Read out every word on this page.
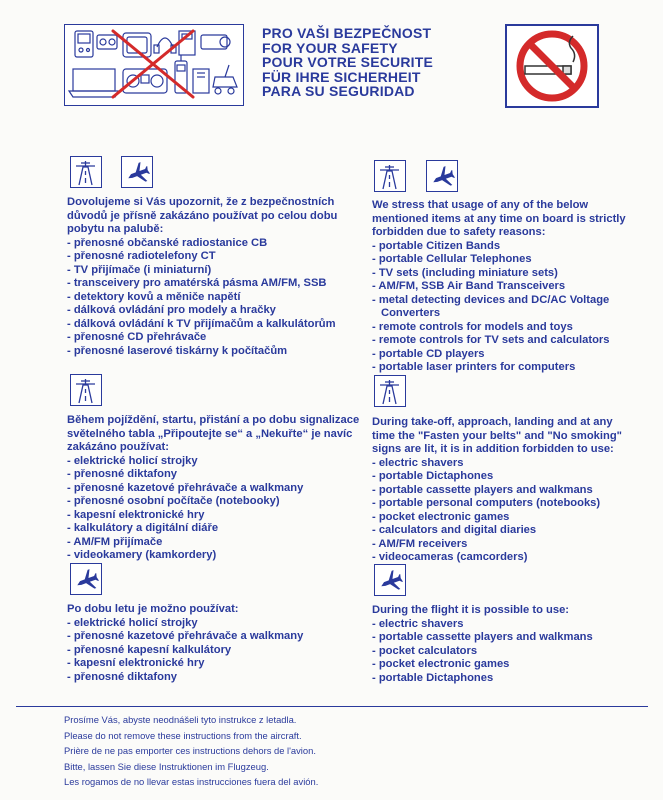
PRO VAŠI BEZPEČNOST
FOR YOUR SAFETY
POUR VOTRE SECURITE
FÜR IHRE SICHERHEIT
PARA SU SEGURIDAD
Dovolujeme si Vás upozornit, že z bezpečnostních
důvodů je přísně zakázáno používat po celou dobu
pobytu na palubě:
- přenosné občanské radiostanice CB
- přenosné radiotelefony CT
- TV přijímače (i miniaturní)
- transceivery pro amatérská pásma AM/FM, SSB
- detektory kovů a měniče napětí
- dálková ovládání pro modely a hračky
- dálková ovládání k TV přijímačům a kalkulátorům
- přenosné CD přehrávače
- přenosné laserové tiskárny k počítačům
We stress that usage of any of the below
mentioned items at any time on board is strictly
forbidden due to safety reasons:
- portable Citizen Bands
- portable Cellular Telephones
- TV sets (including miniature sets)
- AM/FM, SSB Air Band Transceivers
- metal detecting devices and DC/AC Voltage
Converters
- remote controls for models and toys
- remote controls for TV sets and calculators
- portable CD players
- portable laser printers for computers
Během pojíždění, startu, přistání a po dobu signalizace
světelného tabla „Připoutejte se“ a „Nekuřte“ je navíc
zakázáno používat:
- elektrické holicí strojky
- přenosné diktafony
- přenosné kazetové přehrávače a walkmany
- přenosné osobní počítače (notebooky)
- kapesní elektronické hry
- kalkulátory a digitální diáře
- AM/FM přijímače
- videokamery (kamkordery)
During take-off, approach, landing and at any
time the "Fasten your belts" and "No smoking"
signs are lit, it is in addition forbidden to use:
- electric shavers
- portable Dictaphones
- portable cassette players and walkmans
- portable personal computers (notebooks)
- pocket electronic games
- calculators and digital diaries
- AM/FM receivers
- videocameras (camcorders)
Po dobu letu je možno používat:
- elektrické holicí strojky
- přenosné kazetové přehrávače a walkmany
- přenosné kapesní kalkulátory
- kapesní elektronické hry
- přenosné diktafony
During the flight it is possible to use:
- electric shavers
- portable cassette players and walkmans
- pocket calculators
- pocket electronic games
- portable Dictaphones
Prosíme Vás, abyste neodnášeli tyto instrukce z letadla.
Please do not remove these instructions from the aircraft.
Prière de ne pas emporter ces instructions dehors de l'avion.
Bitte, lassen Sie diese Instruktionen im Flugzeug.
Les rogamos de no llevar estas instrucciones fuera del avión.
